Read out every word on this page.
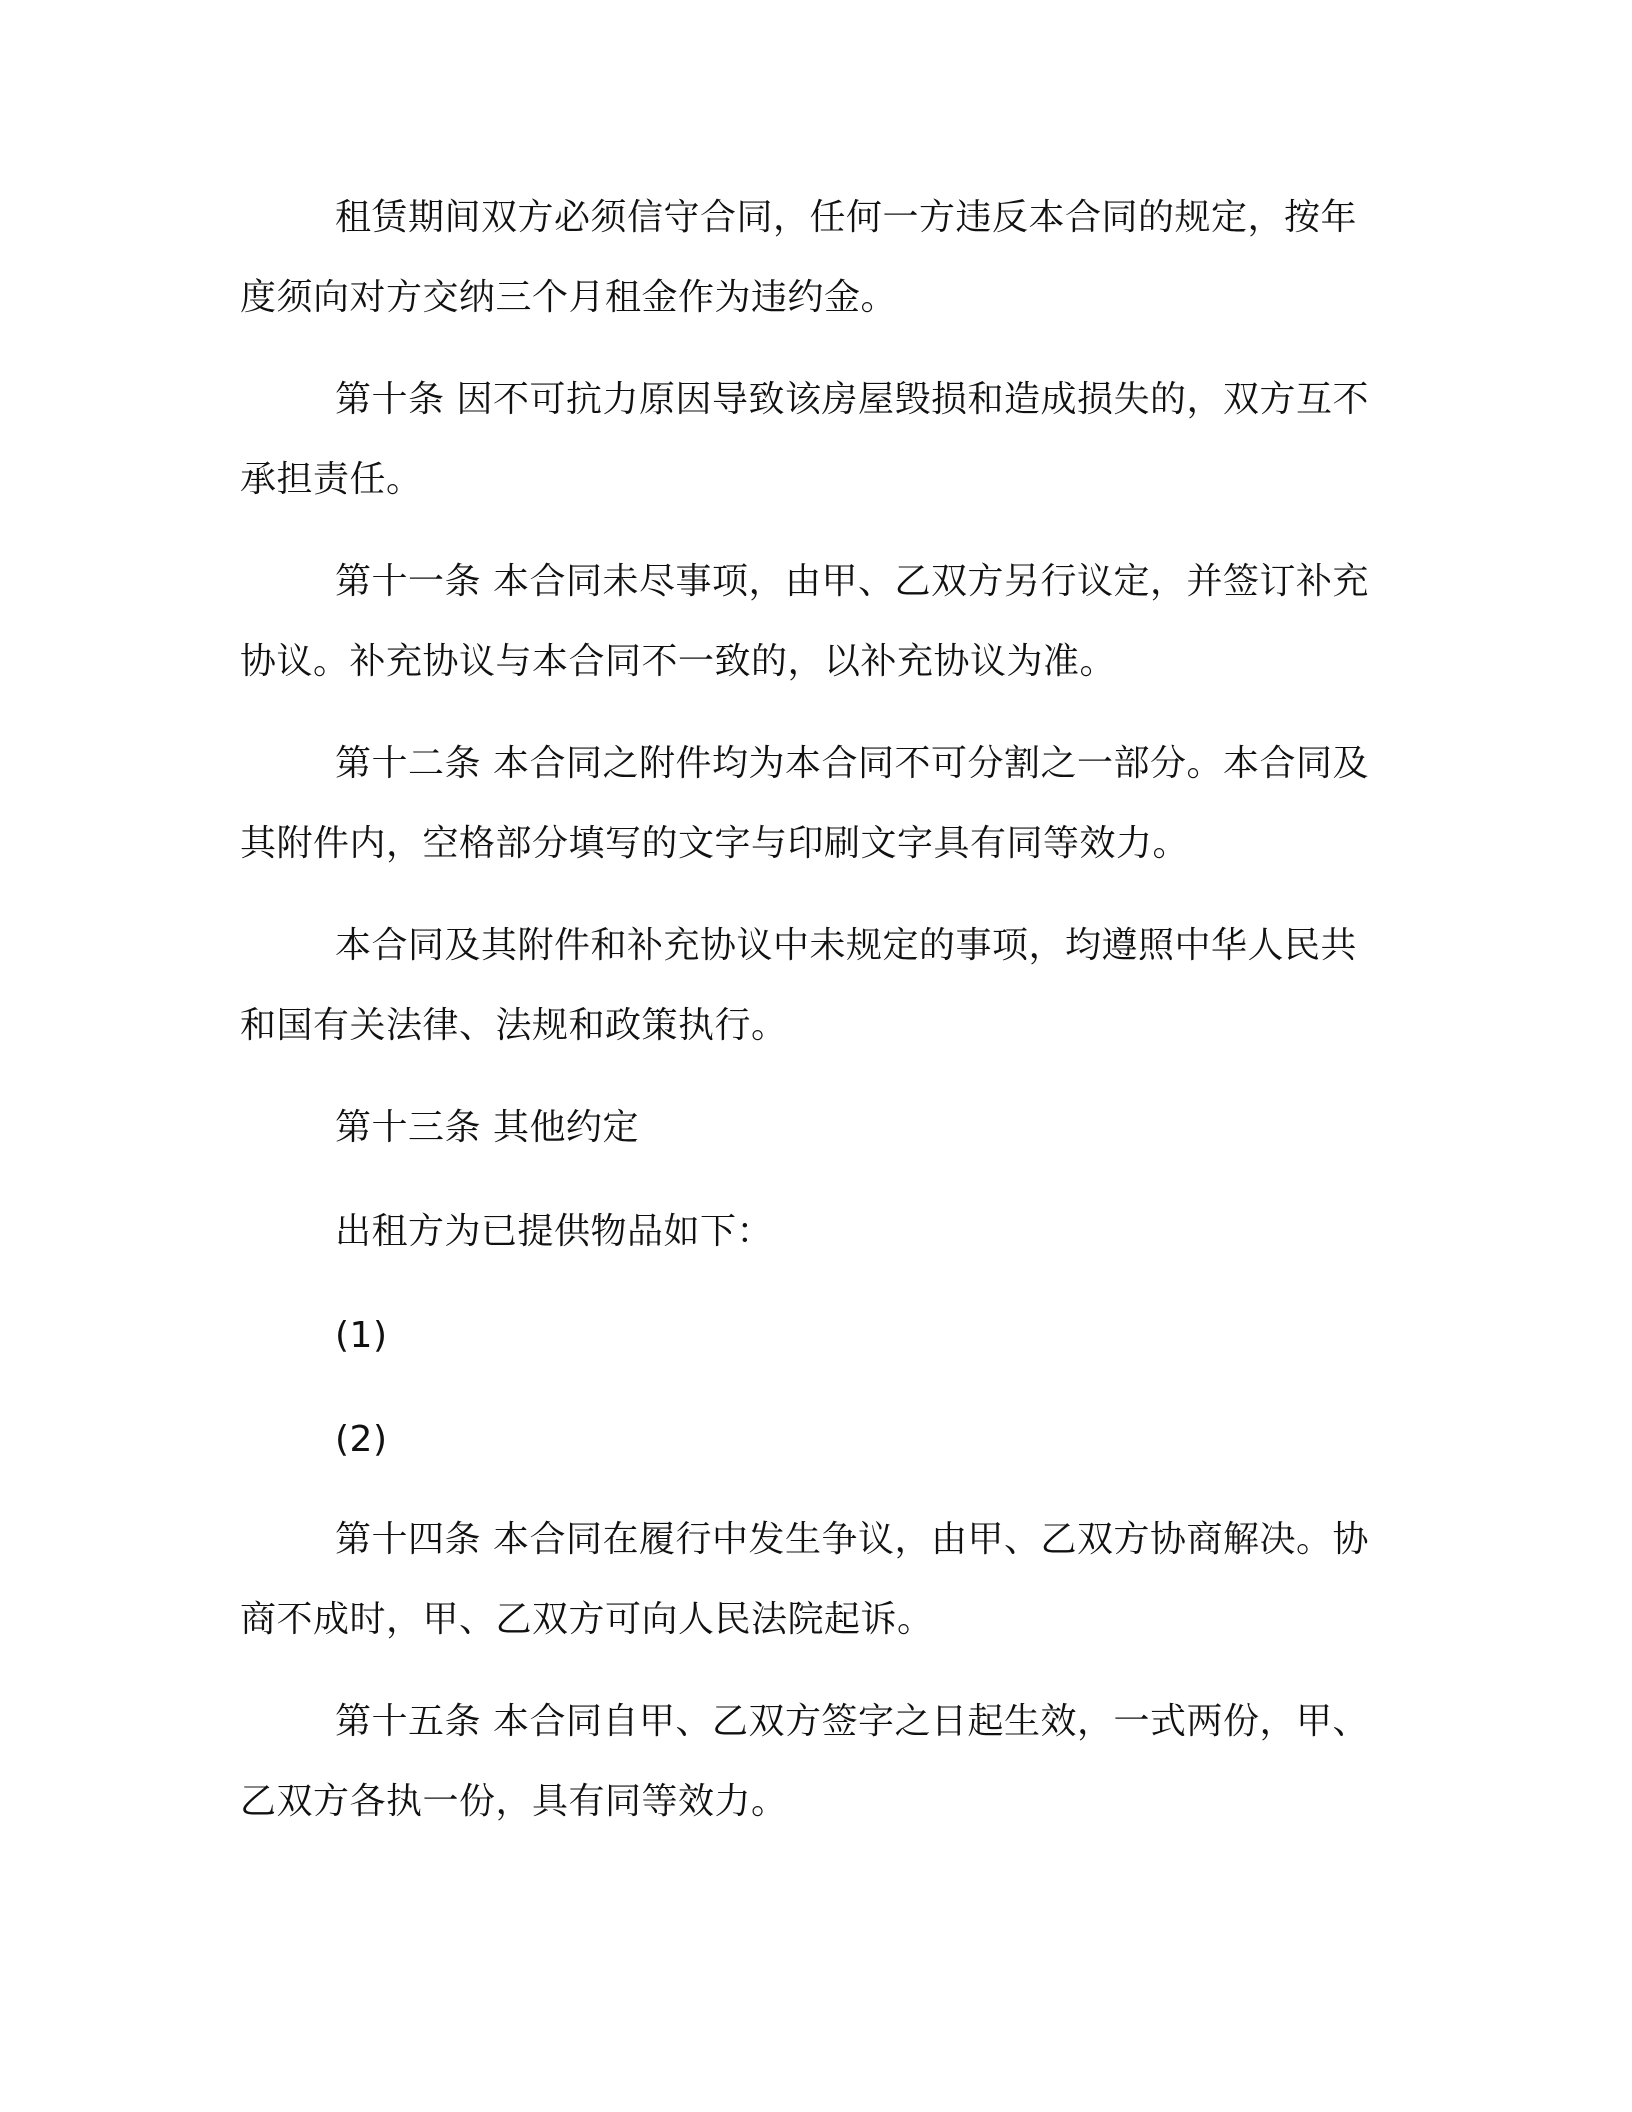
租赁期间双方必须信守合同，任何一方违反本合同的规定，按年度须向对方交纳三个月租金作为违约金。

第十条 因不可抗力原因导致该房屋毁损和造成损失的，双方互不承担责任。

第十一条 本合同未尽事项，由甲、乙双方另行议定，并签订补充协议。补充协议与本合同不一致的，以补充协议为准。

第十二条 本合同之附件均为本合同不可分割之一部分。本合同及其附件内，空格部分填写的文字与印刷文字具有同等效力。

本合同及其附件和补充协议中未规定的事项，均遵照中华人民共和国有关法律、法规和政策执行。

第十三条 其他约定

出租方为已提供物品如下：

(1)

(2)

第十四条 本合同在履行中发生争议，由甲、乙双方协商解决。协商不成时，甲、乙双方可向人民法院起诉。

第十五条 本合同自甲、乙双方签字之日起生效，一式两份，甲、乙双方各执一份，具有同等效力。
